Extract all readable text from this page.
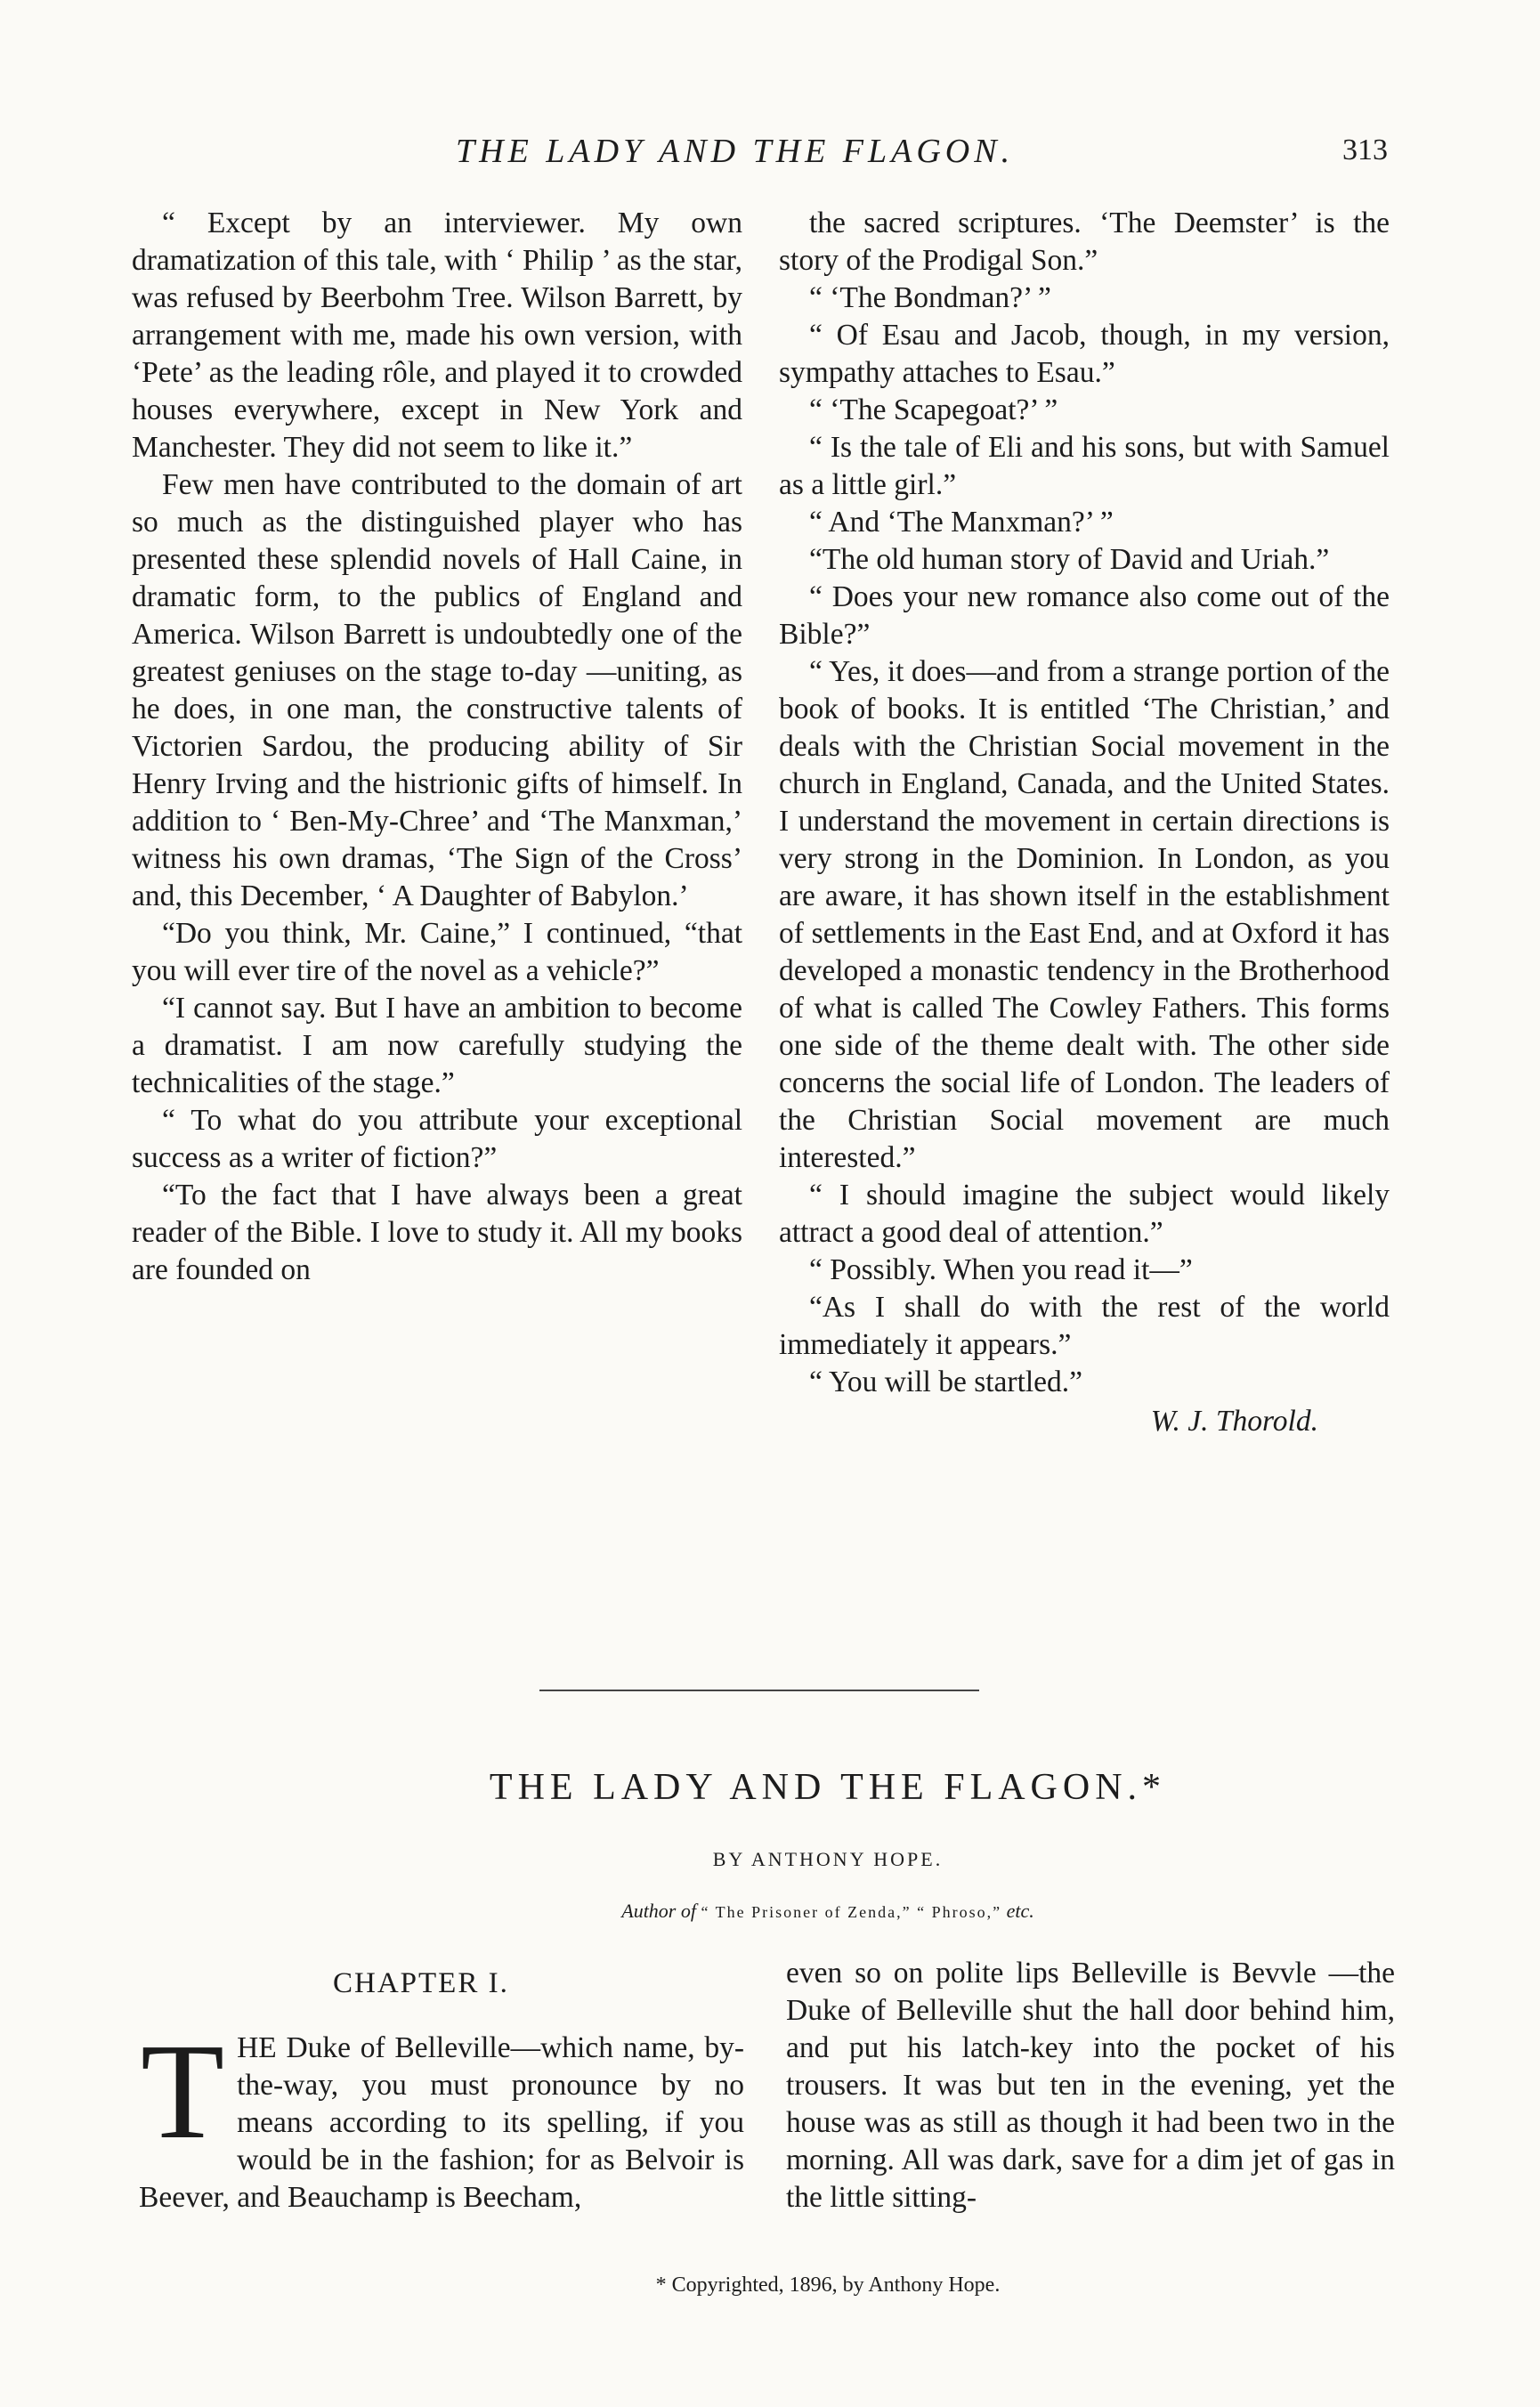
THE LADY AND THE FLAGON.	313

“ Except by an interviewer. My own dramatization of this tale, with ‘ Philip ’ as the star, was refused by Beerbohm Tree. Wilson Barrett, by arrangement with me, made his own version, with ‘Pete’ as the leading rôle, and played it to crowded houses everywhere, except in New York and Manchester. They did not seem to like it.”

Few men have contributed to the domain of art so much as the distinguished player who has presented these splendid novels of Hall Caine, in dramatic form, to the publics of England and America. Wilson Barrett is undoubtedly one of the greatest geniuses on the stage to-day —uniting, as he does, in one man, the constructive talents of Victorien Sardou, the producing ability of Sir Henry Irving and the histrionic gifts of himself. In addition to ‘ Ben-My-Chree’ and ‘The Manxman,’ witness his own dramas, ‘The Sign of the Cross’ and, this December, ‘ A Daughter of Babylon.’

“Do you think, Mr. Caine,” I continued, “that you will ever tire of the novel as a vehicle?”

“I cannot say. But I have an ambition to become a dramatist. I am now carefully studying the technicalities of the stage.”

“ To what do you attribute your exceptional success as a writer of fiction?”

“To the fact that I have always been a great reader of the Bible. I love to study it. All my books are founded on

the sacred scriptures. ‘The Deemster’ is the story of the Prodigal Son.”

“ ‘The Bondman?’ ”

“ Of Esau and Jacob, though, in my version, sympathy attaches to Esau.”

“ ‘The Scapegoat?’ ”

“ Is the tale of Eli and his sons, but with Samuel as a little girl.”

“ And ‘The Manxman?’ ”

“The old human story of David and Uriah.”

“ Does your new romance also come out of the Bible?”

“ Yes, it does—and from a strange portion of the book of books. It is entitled ‘The Christian,’ and deals with the Christian Social movement in the church in England, Canada, and the United States. I understand the movement in certain directions is very strong in the Dominion. In London, as you are aware, it has shown itself in the establishment of settlements in the East End, and at Oxford it has developed a monastic tendency in the Brotherhood of what is called The Cowley Fathers. This forms one side of the theme dealt with. The other side concerns the social life of London. The leaders of the Christian Social movement are much interested.”

“ I should imagine the subject would likely attract a good deal of attention.”

“ Possibly. When you read it—”

“As I shall do with the rest of the world immediately it appears.”

“ You will be startled.”

W. J. Thorold.

THE LADY AND THE FLAGON.*
BY ANTHONY HOPE.
Author of “ The Prisoner of Zenda,” “ Phroso,” etc.
CHAPTER I.
T HE Duke of Belleville—which name, by-the-way, you must pronounce by no means according to its spelling, if you would be in the fashion; for as Belvoir is Beever, and Beauchamp is Beecham,
even so on polite lips Belleville is Bevvle —the Duke of Belleville shut the hall door behind him, and put his latch-key into the pocket of his trousers. It was but ten in the evening, yet the house was as still as though it had been two in the morning. All was dark, save for a dim jet of gas in the little sitting-
* Copyrighted, 1896, by Anthony Hope.
